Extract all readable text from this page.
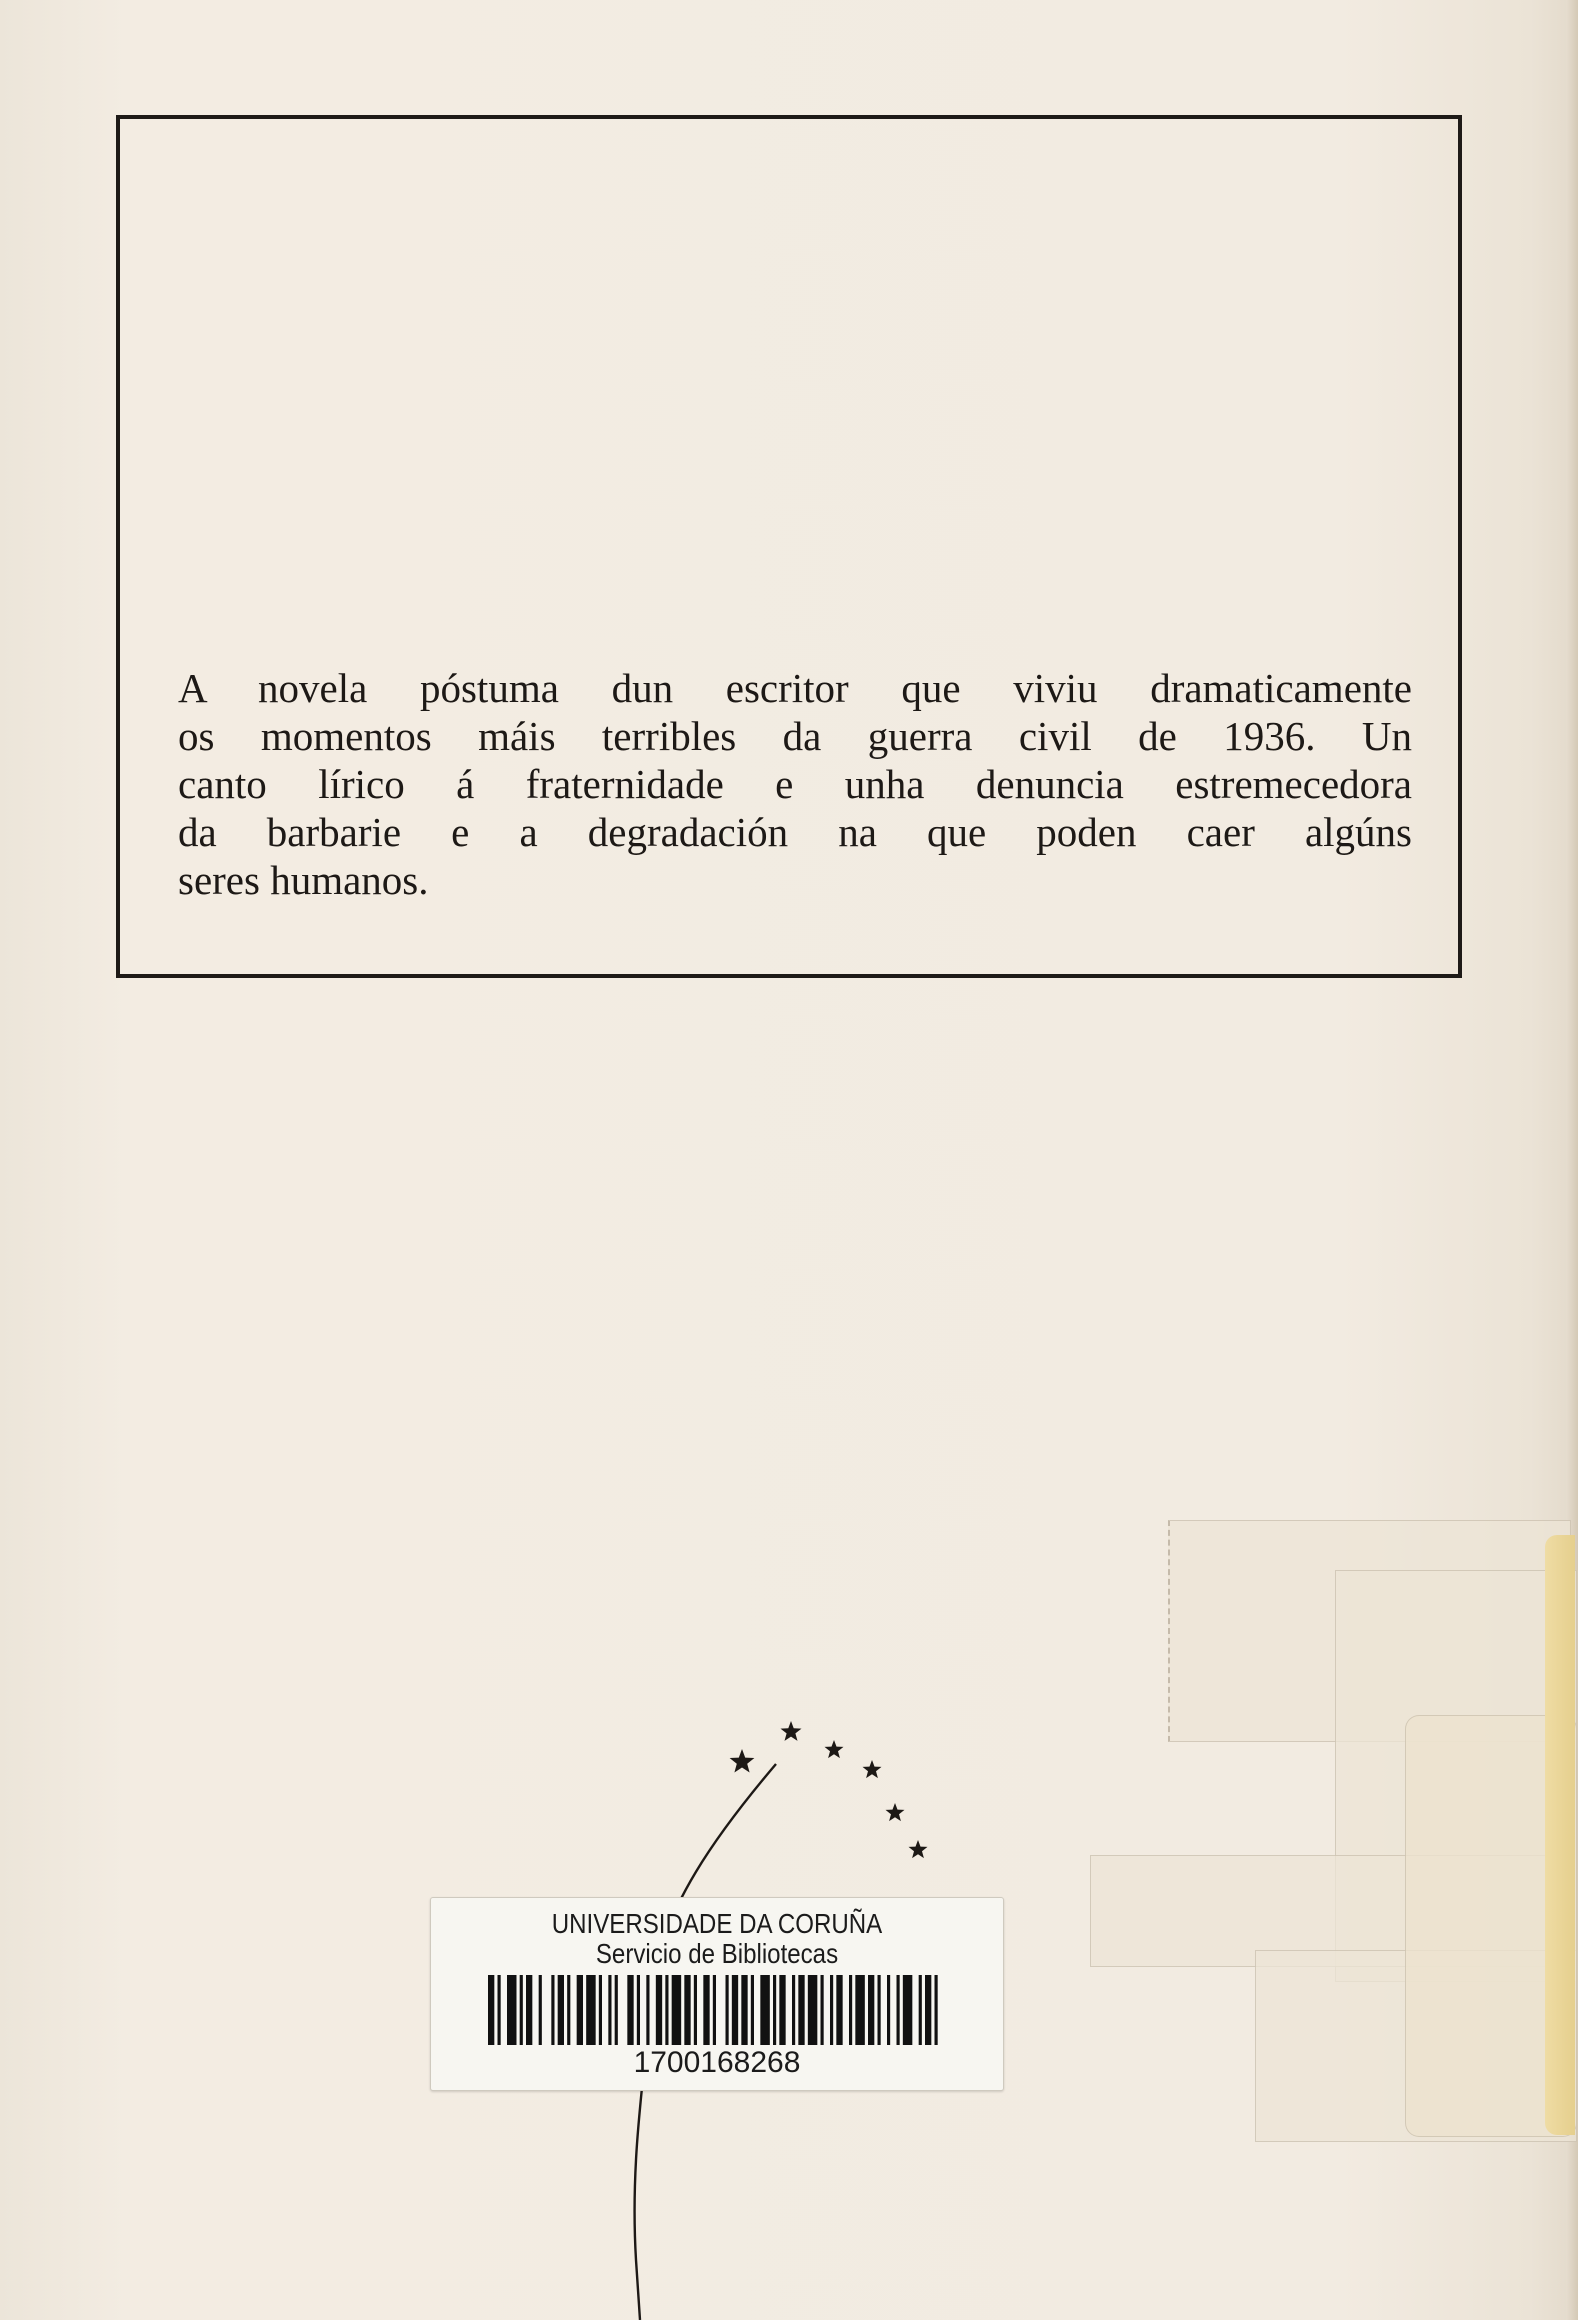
A novela póstuma dun escritor que viviu dramaticamente
os momentos máis terribles da guerra civil de 1936. Un
canto lírico á fraternidade e unha denuncia estremecedora
da barbarie e a degradación na que poden caer algúns
seres humanos.
UNIVERSIDADE DA CORUÑA
Servicio de Bibliotecas
1700168268
